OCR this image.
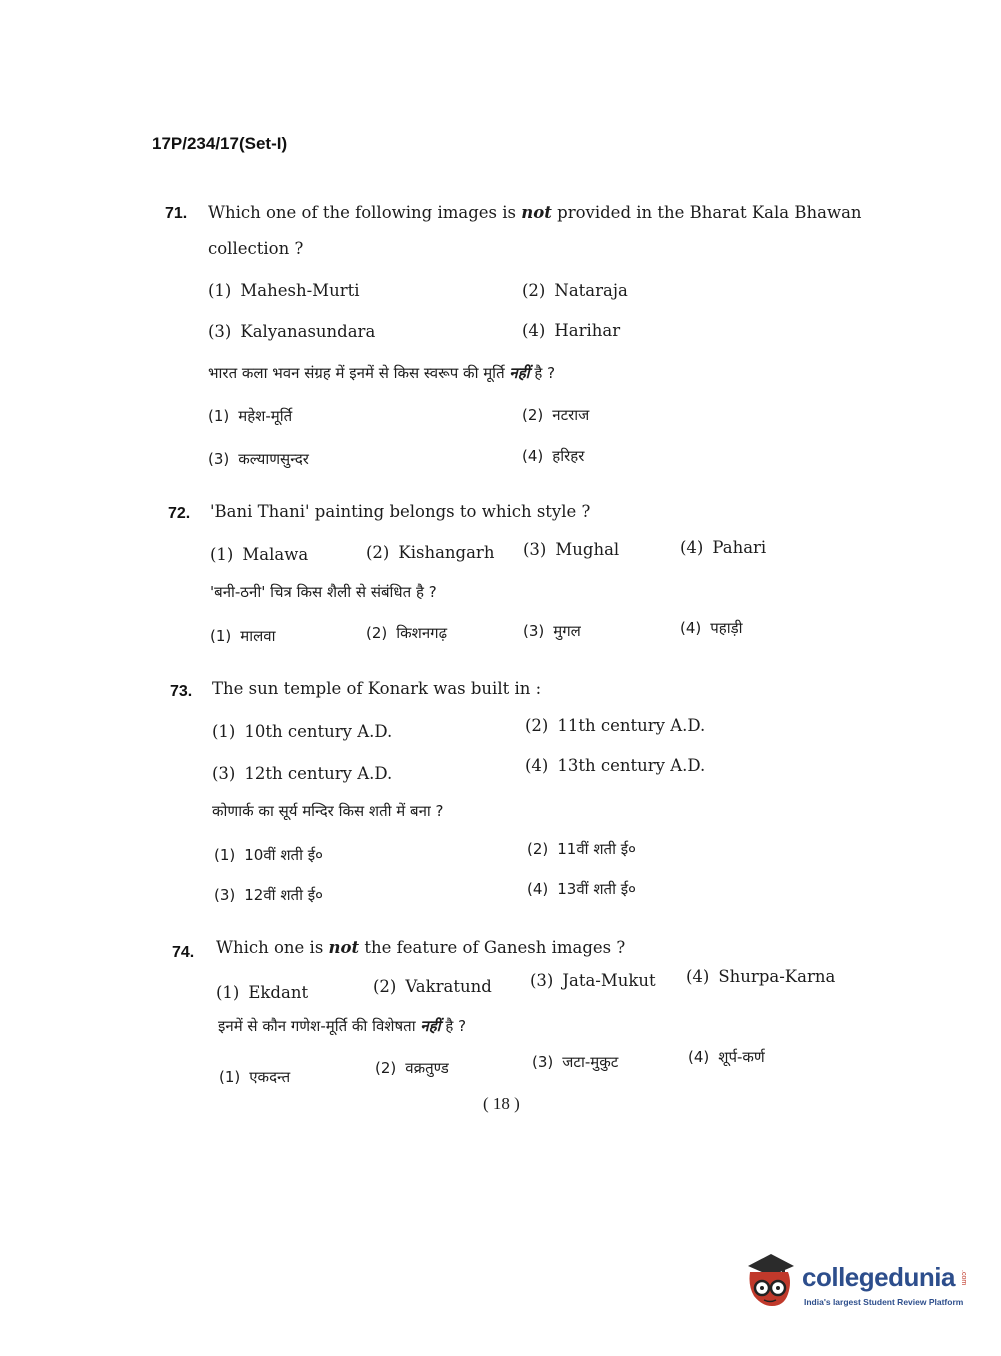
17P/234/17(Set-I)
71. Which one of the following images is not provided in the Bharat Kala Bhawan
collection ?
(1) Mahesh-Murti	(2) Nataraja
(3) Kalyanasundara	(4) Harihar
भारत कला भवन संग्रह में इनमें से किस स्वरूप की मूर्ति नहीं है ?
(1) महेश-मूर्ति	(2) नटराज
(3) कल्याणसुन्दर	(4) हरिहर
72. 'Bani Thani' painting belongs to which style ?
(1) Malawa	(2) Kishangarh (3) Mughal	(4) Pahari
'बनी-ठनी' चित्र किस शैली से संबंधित है ?
(1) मालवा	(2) किशनगढ़	(3) मुगल	(4) पहाड़ी
73. The sun temple of Konark was built in :
(1) 10th century A.D.	(2) 11th century A.D.
(3) 12th century A.D.	(4) 13th century A.D.
कोणार्क का सूर्य मन्दिर किस शती में बना ?
(1) 10वीं शती ई०	(2) 11वीं शती ई०
(3) 12वीं शती ई०	(4) 13वीं शती ई०
74. Which one is not the feature of Ganesh images ?
(1) Ekdant	(2) Vakratund (3) Jata-Mukut (4) Shurpa-Karna
इनमें से कौन गणेश-मूर्ति की विशेषता नहीं है ?
(1) एकदन्त	(2) वक्रतुण्ड	(3) जटा-मुकुट	(4) शूर्प-कर्ण
( 18 )
collegedunia .com
India's largest Student Review Platform
